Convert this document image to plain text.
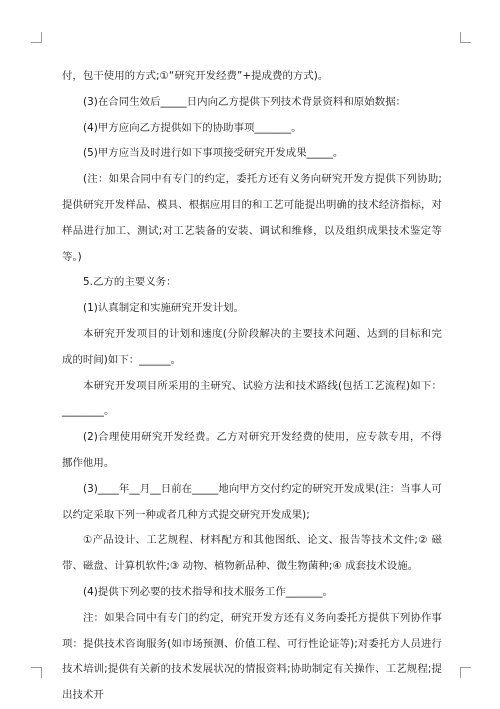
付，包干使用的方式;①“研究开发经费”+提成费的方式)。

(3)在合同生效后_____日内向乙方提供下列技术背景资料和原始数据：

(4)甲方应向乙方提供如下的协助事项_______。

(5)甲方应当及时进行如下事项接受研究开发成果_____。

(注：如果合同中有专门的约定，委托方还有义务向研究开发方提供下列协助;提供研究开发样品、模具、根据应用目的和工艺可能提出明确的技术经济指标，对样品进行加工、测试;对工艺装备的安装、调试和维修，以及组织成果技术鉴定等等。)

5.乙方的主要义务：

(1)认真制定和实施研究开发计划。

本研究开发项目的计划和速度(分阶段解决的主要技术问题、达到的目标和完成的时间)如下：______。

本研究开发项目所采用的主研究、试验方法和技术路线(包括工艺流程)如下：________。

(2)合理使用研究开发经费。乙方对研究开发经费的使用，应专款专用，不得挪作他用。

(3)____年__月__日前在_____地向甲方交付约定的研究开发成果(注：当事人可以约定采取下列一种或者几种方式提交研究开发成果);

①产品设计、工艺规程、材料配方和其他图纸、论文、报告等技术文件;② 磁带、磁盘、计算机软件;③ 动物、植物新品种、微生物菌种;④ 成套技术设施。

(4)提供下列必要的技术指导和技术服务工作_______。

注：如果合同中有专门的约定，研究开发方还有义务向委托方提供下列协作事项：提供技术咨询服务(如市场预测、价值工程、可行性论证等);对委托方人员进行技术培训;提供有关新的技术发展状况的情报资料;协助制定有关操作、工艺规程;提出技术开
